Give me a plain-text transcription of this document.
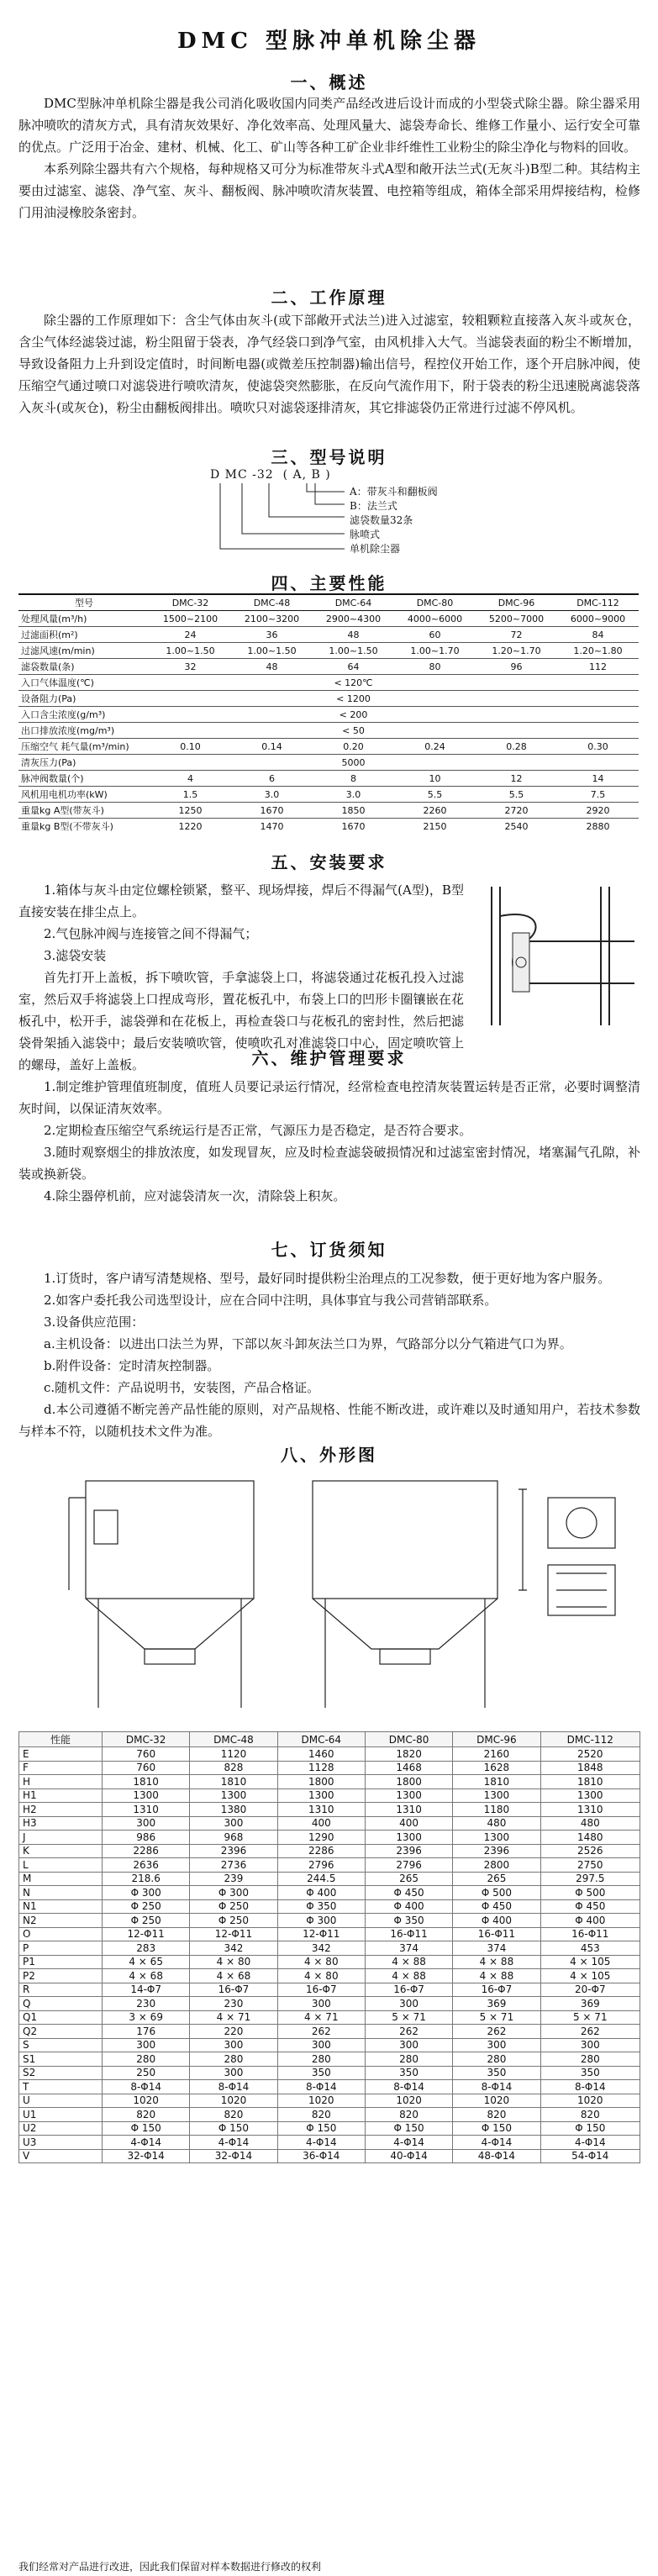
DMC 型脉冲单机除尘器
一、概述

DMC型脉冲单机除尘器是我公司消化吸收国内同类产品经改进后设计而成的小型袋式除尘器。除尘器采用脉冲喷吹的清灰方式，具有清灰效果好、净化效率高、处理风量大、滤袋寿命长、维修工作量小、运行安全可靠的优点。广泛用于冶金、建材、机械、化工、矿山等各种工矿企业非纤维性工业粉尘的除尘净化与物料的回收。

本系列除尘器共有六个规格，每种规格又可分为标准带灰斗式A型和敞开法兰式(无灰斗)B型二种。其结构主要由过滤室、滤袋、净气室、灰斗、翻板阀、脉冲喷吹清灰装置、电控箱等组成，箱体全部采用焊接结构，检修门用油浸橡胶条密封。

二、工作原理

除尘器的工作原理如下：含尘气体由灰斗(或下部敞开式法兰)进入过滤室，较粗颗粒直接落入灰斗或灰仓，含尘气体经滤袋过滤，粉尘阻留于袋表，净气经袋口到净气室，由风机排入大气。当滤袋表面的粉尘不断增加，导致设备阻力上升到设定值时，时间断电器(或微差压控制器)输出信号，程控仪开始工作，逐个开启脉冲阀，使压缩空气通过喷口对滤袋进行喷吹清灰，使滤袋突然膨胀，在反向气流作用下，附于袋表的粉尘迅速脱离滤袋落入灰斗(或灰仓)，粉尘由翻板阀排出。喷吹只对滤袋逐排清灰，其它排滤袋仍正常进行过滤不停风机。

三、型号说明
D MC -32  ( A, B )
A：带灰斗和翻板阀
B：法兰式
滤袋数量32条
脉喷式
单机除尘器
四、主要性能
型号	DMC-32	DMC-48	DMC-64	DMC-80	DMC-96	DMC-112
处理风量(m³/h)	1500~2100	2100~3200	2900~4300	4000~6000	5200~7000	6000~9000
过滤面积(m²)	24	36	48	60	72	84
过滤风速(m/min)	1.00~1.50	1.00~1.50	1.00~1.50	1.00~1.70	1.20~1.70	1.20~1.80
滤袋数量(条)	32	48	64	80	96	112
入口气体温度(℃)			< 120℃			
设备阻力(Pa)			< 1200			
入口含尘浓度(g/m³)			< 200			
出口排放浓度(mg/m³)			< 50			
压缩空气 耗气量(m³/min)	0.10	0.14	0.20	0.24	0.28	0.30
清灰压力(Pa)			5000			
脉冲阀数量(个)	4	6	8	10	12	14
风机用电机功率(kW)	1.5	3.0	3.0	5.5	5.5	7.5
重量kg A型(带灰斗)	1250	1670	1850	2260	2720	2920
重量kg B型(不带灰斗)	1220	1470	1670	2150	2540	2880
五、安装要求

1.箱体与灰斗由定位螺栓锁紧，整平、现场焊接，焊后不得漏气(A型)，B型直接安装在排尘点上。

2.气包脉冲阀与连接管之间不得漏气；

3.滤袋安装

首先打开上盖板，拆下喷吹管，手拿滤袋上口，将滤袋通过花板孔投入过滤室，然后双手将滤袋上口捏成弯形，置花板孔中，布袋上口的凹形卡圈镶嵌在花板孔中，松开手，滤袋弹和在花板上，再检查袋口与花板孔的密封性，然后把滤袋骨架插入滤袋中；最后安装喷吹管，使喷吹孔对准滤袋口中心，固定喷吹管上的螺母，盖好上盖板。	六、维护管理要求

1.制定维护管理值班制度，值班人员要记录运行情况，经常检查电控清灰装置运转是否正常，必要时调整清灰时间，以保证清灰效率。

2.定期检查压缩空气系统运行是否正常，气源压力是否稳定，是否符合要求。

3.随时观察烟尘的排放浓度，如发现冒灰，应及时检查滤袋破损情况和过滤室密封情况，堵塞漏气孔隙，补装或换新袋。

4.除尘器停机前，应对滤袋清灰一次，清除袋上积灰。

七、订货须知

1.订货时，客户请写清楚规格、型号，最好同时提供粉尘治理点的工况参数，便于更好地为客户服务。

2.如客户委托我公司选型设计，应在合同中注明，具体事宜与我公司营销部联系。

3.设备供应范围：

a.主机设备：以进出口法兰为界，下部以灰斗卸灰法兰口为界，气路部分以分气箱进气口为界。

b.附件设备：定时清灰控制器。

c.随机文件：产品说明书，安装图，产品合格证。

d.本公司遵循不断完善产品性能的原则，对产品规格、性能不断改进，或许难以及时通知用户，若技术参数与样本不符，以随机技术文件为准。

八、外形图
性能	DMC-32	DMC-48	DMC-64	DMC-80	DMC-96	DMC-112
E	760	1120	1460	1820	2160	2520
F	760	828	1128	1468	1628	1848
H	1810	1810	1800	1800	1810	1810
H1	1300	1300	1300	1300	1300	1300
H2	1310	1380	1310	1310	1180	1310
H3	300	300	400	400	480	480
J	986	968	1290	1300	1300	1480
K	2286	2396	2286	2396	2396	2526
L	2636	2736	2796	2796	2800	2750
M	218.6	239	244.5	265	265	297.5
N	Φ 300	Φ 300	Φ 400	Φ 450	Φ 500	Φ 500
N1	Φ 250	Φ 250	Φ 350	Φ 400	Φ 450	Φ 450
N2	Φ 250	Φ 250	Φ 300	Φ 350	Φ 400	Φ 400
O	12-Φ11	12-Φ11	12-Φ11	16-Φ11	16-Φ11	16-Φ11
P	283	342	342	374	374	453
P1	4 × 65	4 × 80	4 × 80	4 × 88	4 × 88	4 × 105
P2	4 × 68	4 × 68	4 × 80	4 × 88	4 × 88	4 × 105
R	14-Φ7	16-Φ7	16-Φ7	16-Φ7	16-Φ7	20-Φ7
Q	230	230	300	300	369	369
Q1	3 × 69	4 × 71	4 × 71	5 × 71	5 × 71	5 × 71
Q2	176	220	262	262	262	262
S	300	300	300	300	300	300
S1	280	280	280	280	280	280
S2	250	300	350	350	350	350
T	8-Φ14	8-Φ14	8-Φ14	8-Φ14	8-Φ14	8-Φ14
U	1020	1020	1020	1020	1020	1020
U1	820	820	820	820	820	820
U2	Φ 150	Φ 150	Φ 150	Φ 150	Φ 150	Φ 150
U3	4-Φ14	4-Φ14	4-Φ14	4-Φ14	4-Φ14	4-Φ14
V	32-Φ14	32-Φ14	36-Φ14	40-Φ14	48-Φ14	54-Φ14
我们经常对产品进行改进，因此我们保留对样本数据进行修改的权利
